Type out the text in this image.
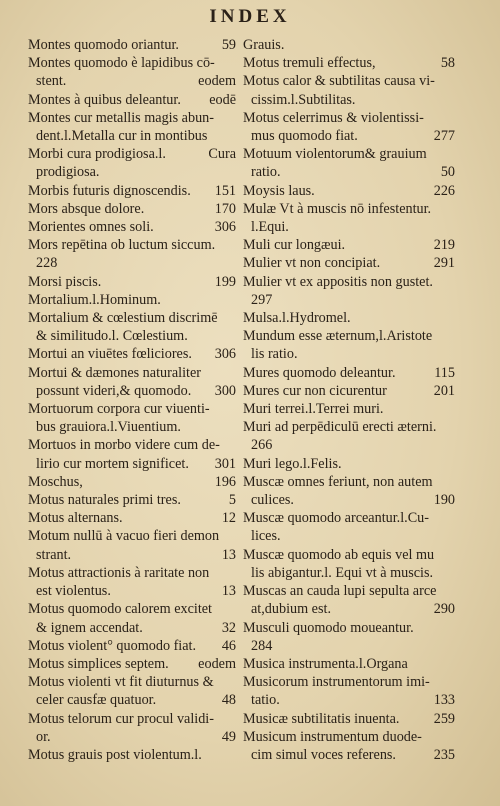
INDEX
Montes quomodo oriantur.	59
Montes quomodo è lapidibus cō-
stent.	eodem
Montes à quibus deleantur. eodē
Montes cur metallis magis abun-
dent.l.Metalla cur in montibus
Morbi cura prodigiosa.l.	Cura
prodigiosa.
Morbis futuris dignoscendis. 151
Mors absque dolore.	170
Morientes omnes soli.	306
Mors repētina ob luctum siccum.
228
Morsi piscis.	199
Mortalium.l.Hominum.
Mortalium & cœlestium discrimē
& similitudo.l. Cœlestium.
Mortui an viuētes fœliciores. 306
Mortui & dæmones naturaliter
possunt videri,& quomodo. 300
Mortuorum corpora cur viuenti-
bus grauiora.l.Viuentium.
Mortuos in morbo videre cum de-
lirio cur mortem significet. 301
Moschus,	196
Motus naturales primi tres.	5
Motus alternans.	12
Motum nullū à vacuo fieri demon
strant.	13
Motus attractionis à raritate non
est violentus.	13
Motus quomodo calorem excitet
& ignem accendat.	32
Motus violent° quomodo fiat. 46
Motus simplices septem. eodem
Motus violenti vt fit diuturnus &
celer causfæ quatuor.	48
Motus telorum cur procul validi-
or.	49
Motus grauis post violentum.l.
Grauis.
Motus tremuli effectus,	58
Motus calor & subtilitas causa vi-
cissim.l.Subtilitas.
Motus celerrimus & violentissi-
mus quomodo fiat.	277
Motuum violentorum& grauium
ratio.	50
Moysis laus.	226
Mulæ Vt à muscis nō infestentur.
l.Equi.
Muli cur longæui.	219
Mulier vt non concipiat.	291
Mulier vt ex appositis non gustet.
297
Mulsa.l.Hydromel.
Mundum esse æternum,l.Aristote
lis ratio.
Mures quomodo deleantur.	115
Mures cur non cicurentur	201
Muri terrei.l.Terrei muri.
Muri ad perpēdiculū erecti æterni.
266
Muri lego.l.Felis.
Muscæ omnes feriunt, non autem
culices.	190
Muscæ quomodo arceantur.l.Cu-
lices.
Muscæ quomodo ab equis vel mu
lis abigantur.l. Equi vt à muscis.
Muscas an cauda lupi sepulta arce
at,dubium est.	290
Musculi quomodo moueantur.
284
Musica instrumenta.l.Organa
Musicorum instrumentorum imi-
tatio.	133
Musicæ subtilitatis inuenta. 259
Musicum instrumentum duode-
cim simul voces referens.	235
